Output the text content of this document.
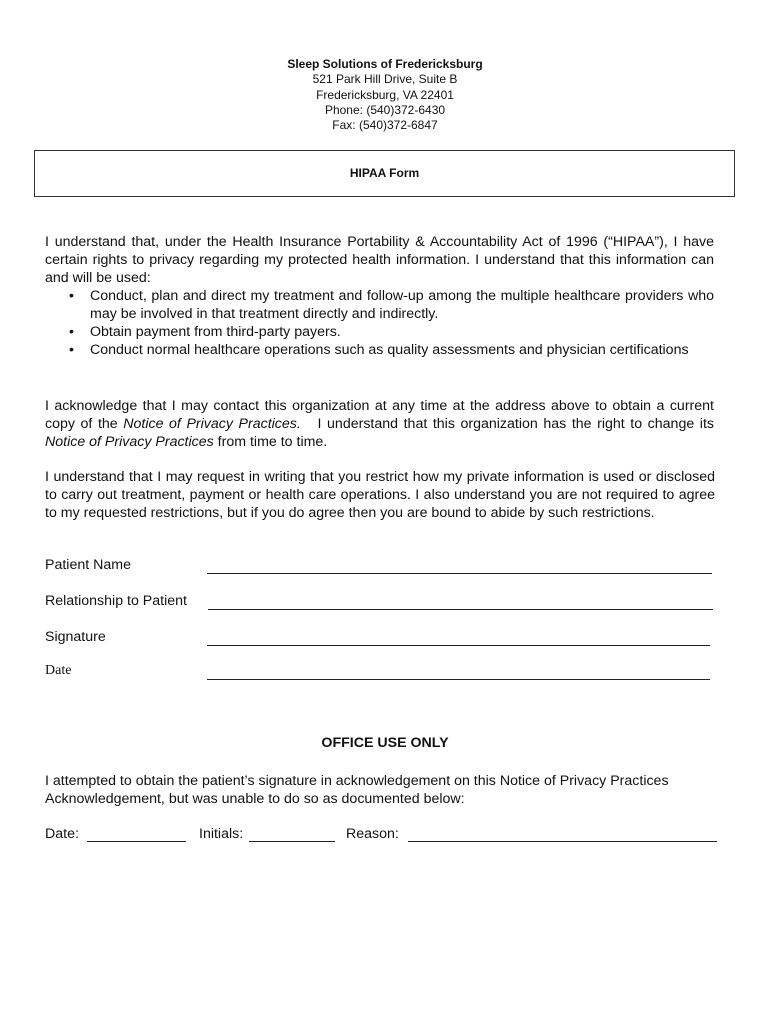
Sleep Solutions of Fredericksburg
521 Park Hill Drive, Suite B
Fredericksburg, VA 22401
Phone: (540)372-6430
Fax: (540)372-6847
HIPAA Form
I understand that, under the Health Insurance Portability & Accountability Act of 1996 (“HIPAA”), I have certain rights to privacy regarding my protected health information. I understand that this information can and will be used:
• Conduct, plan and direct my treatment and follow-up among the multiple healthcare providers who may be involved in that treatment directly and indirectly.
• Obtain payment from third-party payers.
• Conduct normal healthcare operations such as quality assessments and physician certifications
I acknowledge that I may contact this organization at any time at the address above to obtain a current copy of the Notice of Privacy Practices.   I understand that this organization has the right to change its Notice of Privacy Practices from time to time.
I understand that I may request in writing that you restrict how my private information is used or disclosed to carry out treatment, payment or health care operations. I also understand you are not required to agree to my requested restrictions, but if you do agree then you are bound to abide by such restrictions.
Patient Name
Relationship to Patient
Signature
Date
OFFICE USE ONLY
I attempted to obtain the patient’s signature in acknowledgement on this Notice of Privacy Practices Acknowledgement, but was unable to do so as documented below:
Date:	Initials:	Reason:
